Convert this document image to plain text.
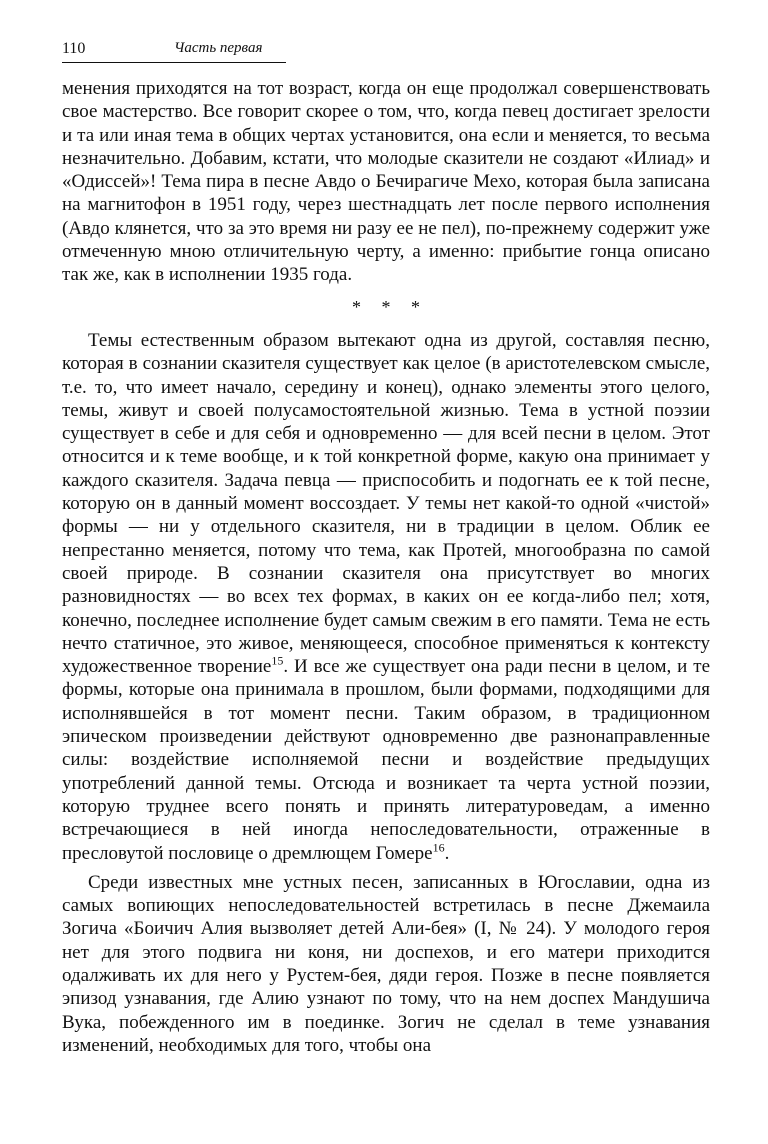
110	Часть первая

менения приходятся на тот возраст, когда он еще продолжал совершенствовать свое мастерство. Все говорит скорее о том, что, когда певец достигает зрелости и та или иная тема в общих чертах установится, она если и меняется, то весьма незначительно. Добавим, кстати, что молодые сказители не создают «Илиад» и «Одиссей»! Тема пира в песне Авдо о Бечирагиче Мехо, которая была записана на магнитофон в 1951 году, через шестнадцать лет после первого исполнения (Авдо клянется, что за это время ни разу ее не пел), по-прежнему содержит уже отмеченную мною отличительную черту, а именно: прибытие гонца описано так же, как в исполнении 1935 года.

* * *

Темы естественным образом вытекают одна из другой, составляя песню, которая в сознании сказителя существует как целое (в аристотелевском смысле, т.е. то, что имеет начало, середину и конец), однако элементы этого целого, темы, живут и своей полусамостоятельной жизнью. Тема в устной поэзии существует в себе и для себя и одновременно — для всей песни в целом. Этот относится и к теме вообще, и к той конкретной форме, какую она принимает у каждого сказителя. Задача певца — приспособить и подогнать ее к той песне, которую он в данный момент воссоздает. У темы нет какой-то одной «чистой» формы — ни у отдельного сказителя, ни в традиции в целом. Облик ее непрестанно меняется, потому что тема, как Протей, многообразна по самой своей природе. В сознании сказителя она присутствует во многих разновидностях — во всех тех формах, в каких он ее когда-либо пел; хотя, конечно, последнее исполнение будет самым свежим в его памяти. Тема не есть нечто статичное, это живое, меняющееся, способное применяться к контексту художественное творение$^{15}$. И все же существует она ради песни в целом, и те формы, которые она принимала в прошлом, были формами, подходящими для исполнявшейся в тот момент песни. Таким образом, в традиционном эпическом произведении действуют одновременно две разнонаправленные силы: воздействие исполняемой песни и воздействие предыдущих употреблений данной темы. Отсюда и возникает та черта устной поэзии, которую труднее всего понять и принять литературоведам, а именно встречающиеся в ней иногда непоследовательности, отраженные в пресловутой пословице о дремлющем Гомере$^{16}$.

Среди известных мне устных песен, записанных в Югославии, одна из самых вопиющих непоследовательностей встретилась в песне Джемаила Зогича «Боичич Алия вызволяет детей Али-бея» (I, № 24). У молодого героя нет для этого подвига ни коня, ни доспехов, и его матери приходится одалживать их для него у Рустем-бея, дяди героя. Позже в песне появляется эпизод узнавания, где Алию узнают по тому, что на нем доспех Мандушича Вука, побежденного им в поединке. Зогич не сделал в теме узнавания изменений, необходимых для того, чтобы она
